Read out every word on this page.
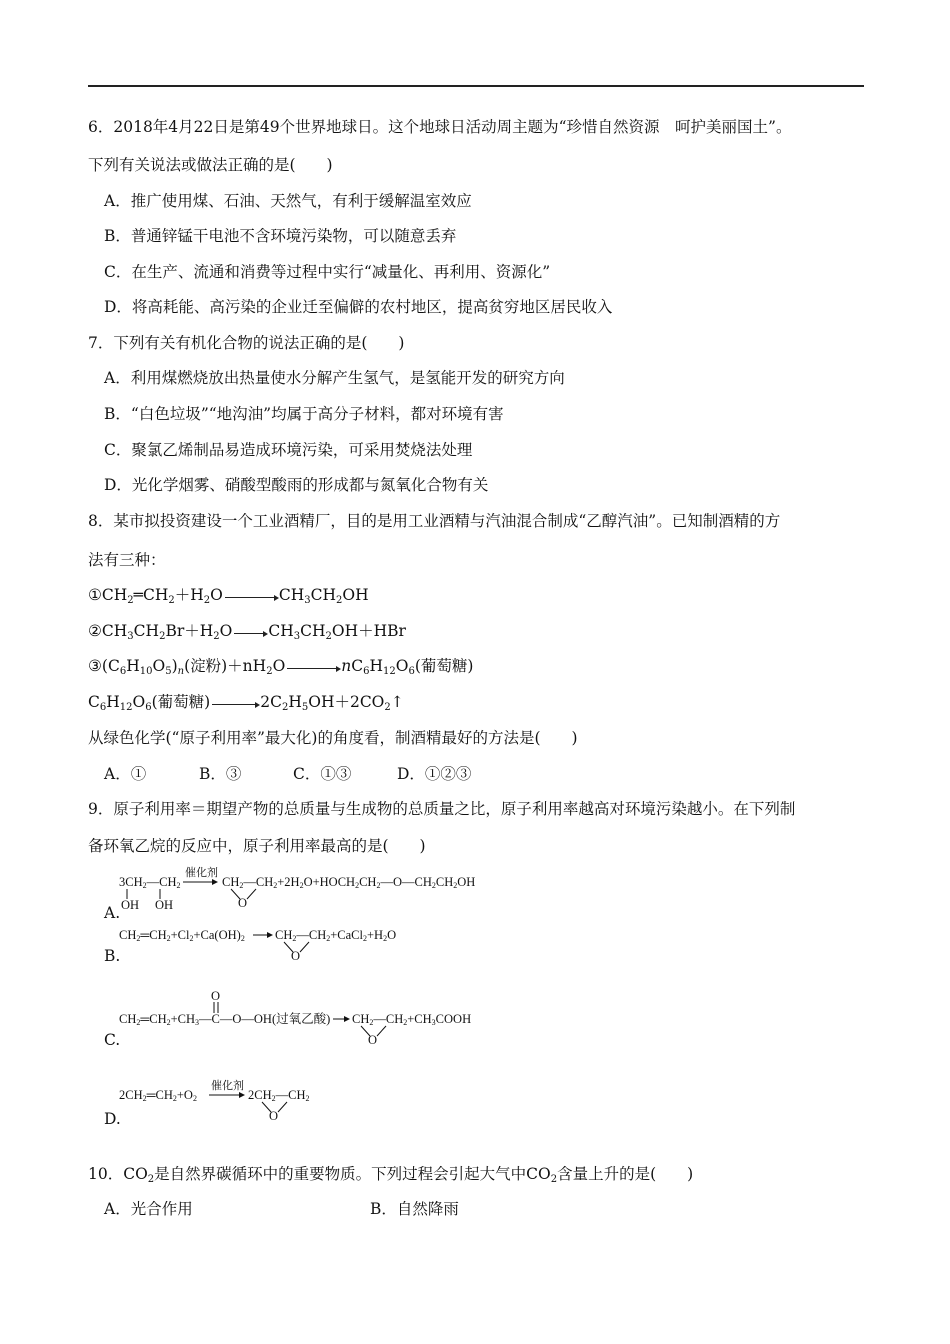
6．2018年4月22日是第49个世界地球日。这个地球日活动周主题为“珍惜自然资源　呵护美丽国土”。
下列有关说法或做法正确的是(　　)
A．推广使用煤、石油、天然气，有利于缓解温室效应
B．普通锌锰干电池不含环境污染物，可以随意丢弃
C．在生产、流通和消费等过程中实行“减量化、再利用、资源化”
D．将高耗能、高污染的企业迁至偏僻的农村地区，提高贫穷地区居民收入
7．下列有关有机化合物的说法正确的是(　　)
A．利用煤燃烧放出热量使水分解产生氢气，是氢能开发的研究方向
B．“白色垃圾”“地沟油”均属于高分子材料，都对环境有害
C．聚氯乙烯制品易造成环境污染，可采用焚烧法处理
D．光化学烟雾、硝酸型酸雨的形成都与氮氧化合物有关
8．某市拟投资建设一个工业酒精厂，目的是用工业酒精与汽油混合制成“乙醇汽油”。已知制酒精的方
法有三种：
$①CH_2═CH_2+H_2O$	$CH_3CH_2OH$
$②CH_3CH_2Br+H_2O$ $CH_3CH_2OH+HBr$
$③(C_6H_{10}O_5)_n$(淀粉)$+nH_2O$	$nC_6H_{12}O_6$(葡萄糖)
$C_6H_{12}O_6$(葡萄糖)	$2C_2H_5OH+2CO_2↑$
从绿色化学(“原子利用率”最大化)的角度看，制酒精最好的方法是(　　)
A．①	B．③	C．①③	D．①②③
9．原子利用率＝期望产物的总质量与生成物的总质量之比，原子利用率越高对环境污染越小。在下列制
备环氧乙烷的反应中，原子利用率最高的是(　　)
A.
$3CH_2—CH_2$
OH OH
催化剂
$CH_2—CH_2+2H_2O+HOCH_2CH_2—O—CH_2CH_2OH$
O
B.
$CH_2═CH_2+Cl_2+Ca(OH)_2$ $CH_2—CH_2+CaCl_2+H_2O$
O
C.
O
$CH_2═CH_2+CH_3—C—O—OH$(过氧乙酸) $CH_2—CH_2+CH_3COOH$
O
D.
$2CH_2═CH_2+O_2$
催化剂
$2CH_2—CH_2$
O
10．$CO_2$是自然界碳循环中的重要物质。下列过程会引起大气中$CO_2$含量上升的是(　　)
A．光合作用	B．自然降雨
